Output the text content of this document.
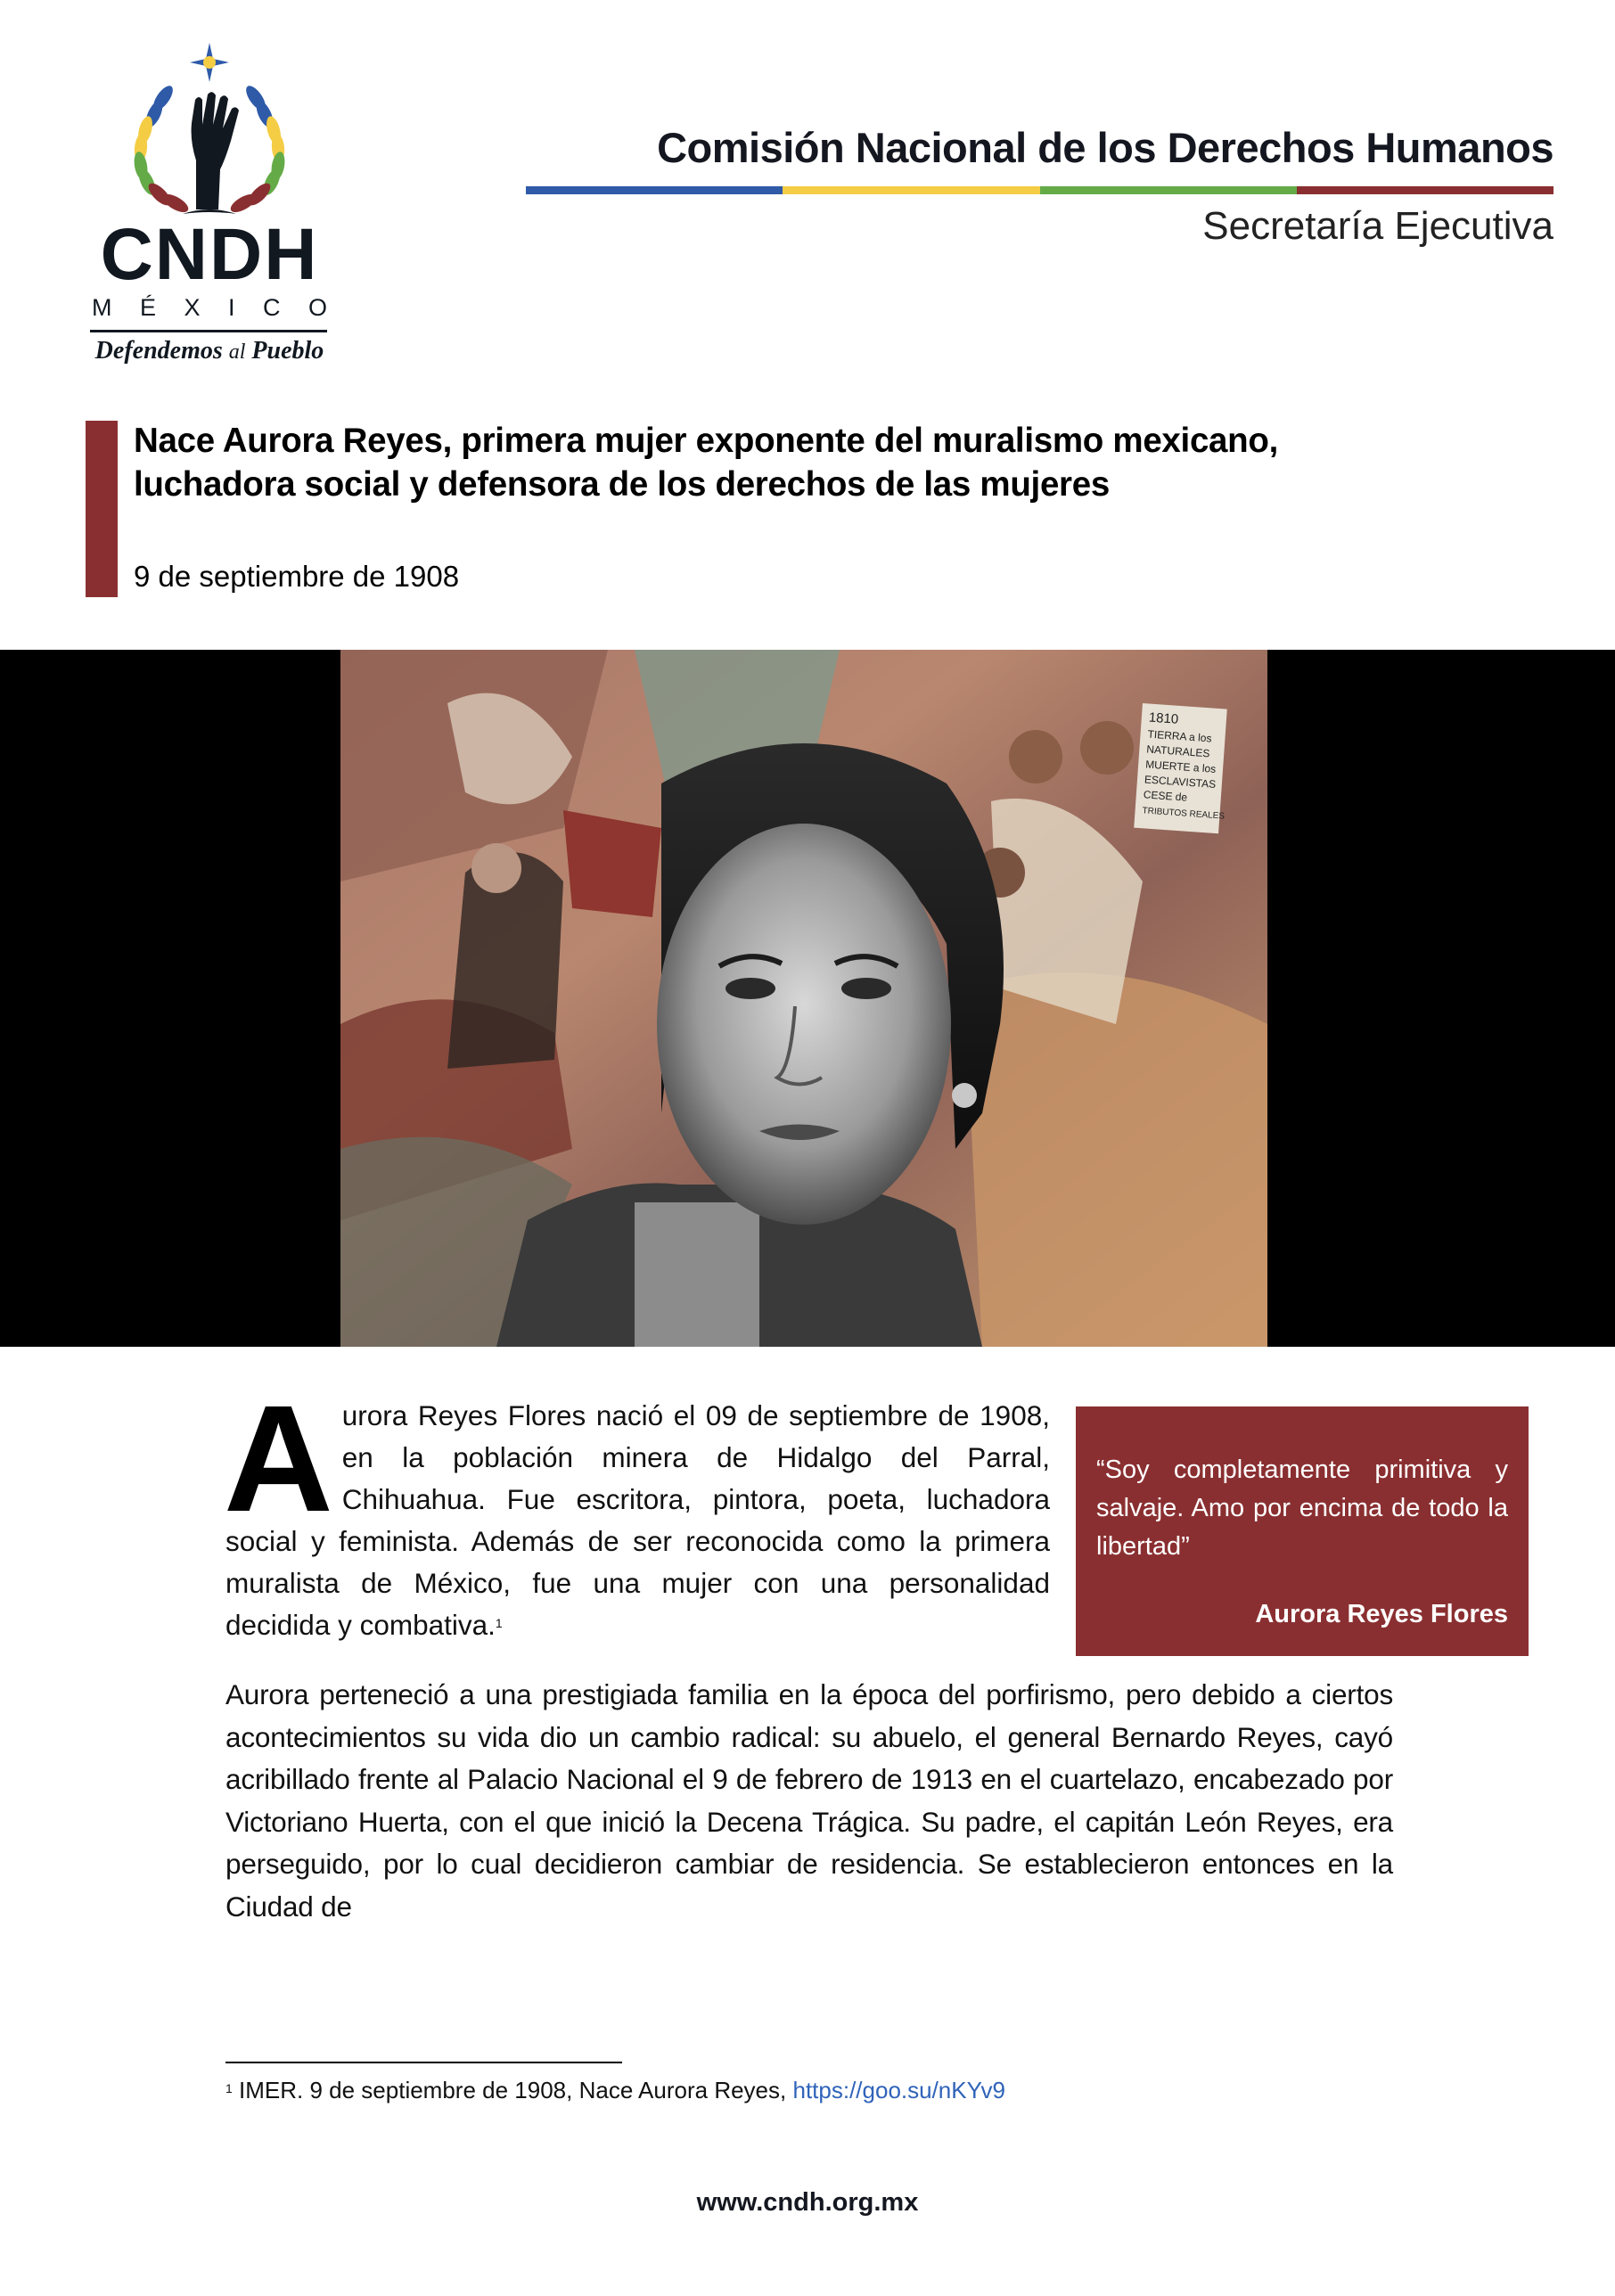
CNDH
M É X I C O
Defendemos al Pueblo
Comisión Nacional de los Derechos Humanos
Secretaría Ejecutiva
Nace Aurora Reyes, primera mujer exponente del muralismo mexicano, luchadora social y defensora de los derechos de las mujeres
9 de septiembre de 1908
1810
TIERRA a los
NATURALES
MUERTE a los
ESCLAVISTAS
CESE de
TRIBUTOS REALES
Aurora Reyes Flores nació el 09 de septiembre de 1908, en la población minera de Hidalgo del Parral, Chihuahua. Fue escritora, pintora, poeta, luchadora social y feminista. Además de ser reconocida como la primera muralista de México, fue una mujer con una personalidad decidida y combativa.$^1$
“Soy completamente primitiva y salvaje. Amo por encima de todo la libertad”
Aurora Reyes Flores
Aurora perteneció a una prestigiada familia en la época del porfirismo, pero debido a ciertos acontecimientos su vida dio un cambio radical: su abuelo, el general Bernardo Reyes, cayó acribillado frente al Palacio Nacional el 9 de febrero de 1913 en el cuartelazo, encabezado por Victoriano Huerta, con el que inició la Decena Trágica. Su padre, el capitán León Reyes, era perseguido, por lo cual decidieron cambiar de residencia. Se establecieron entonces en la Ciudad de
$^1$ IMER. 9 de septiembre de 1908, Nace Aurora Reyes, https://goo.su/nKYv9
www.cndh.org.mx
